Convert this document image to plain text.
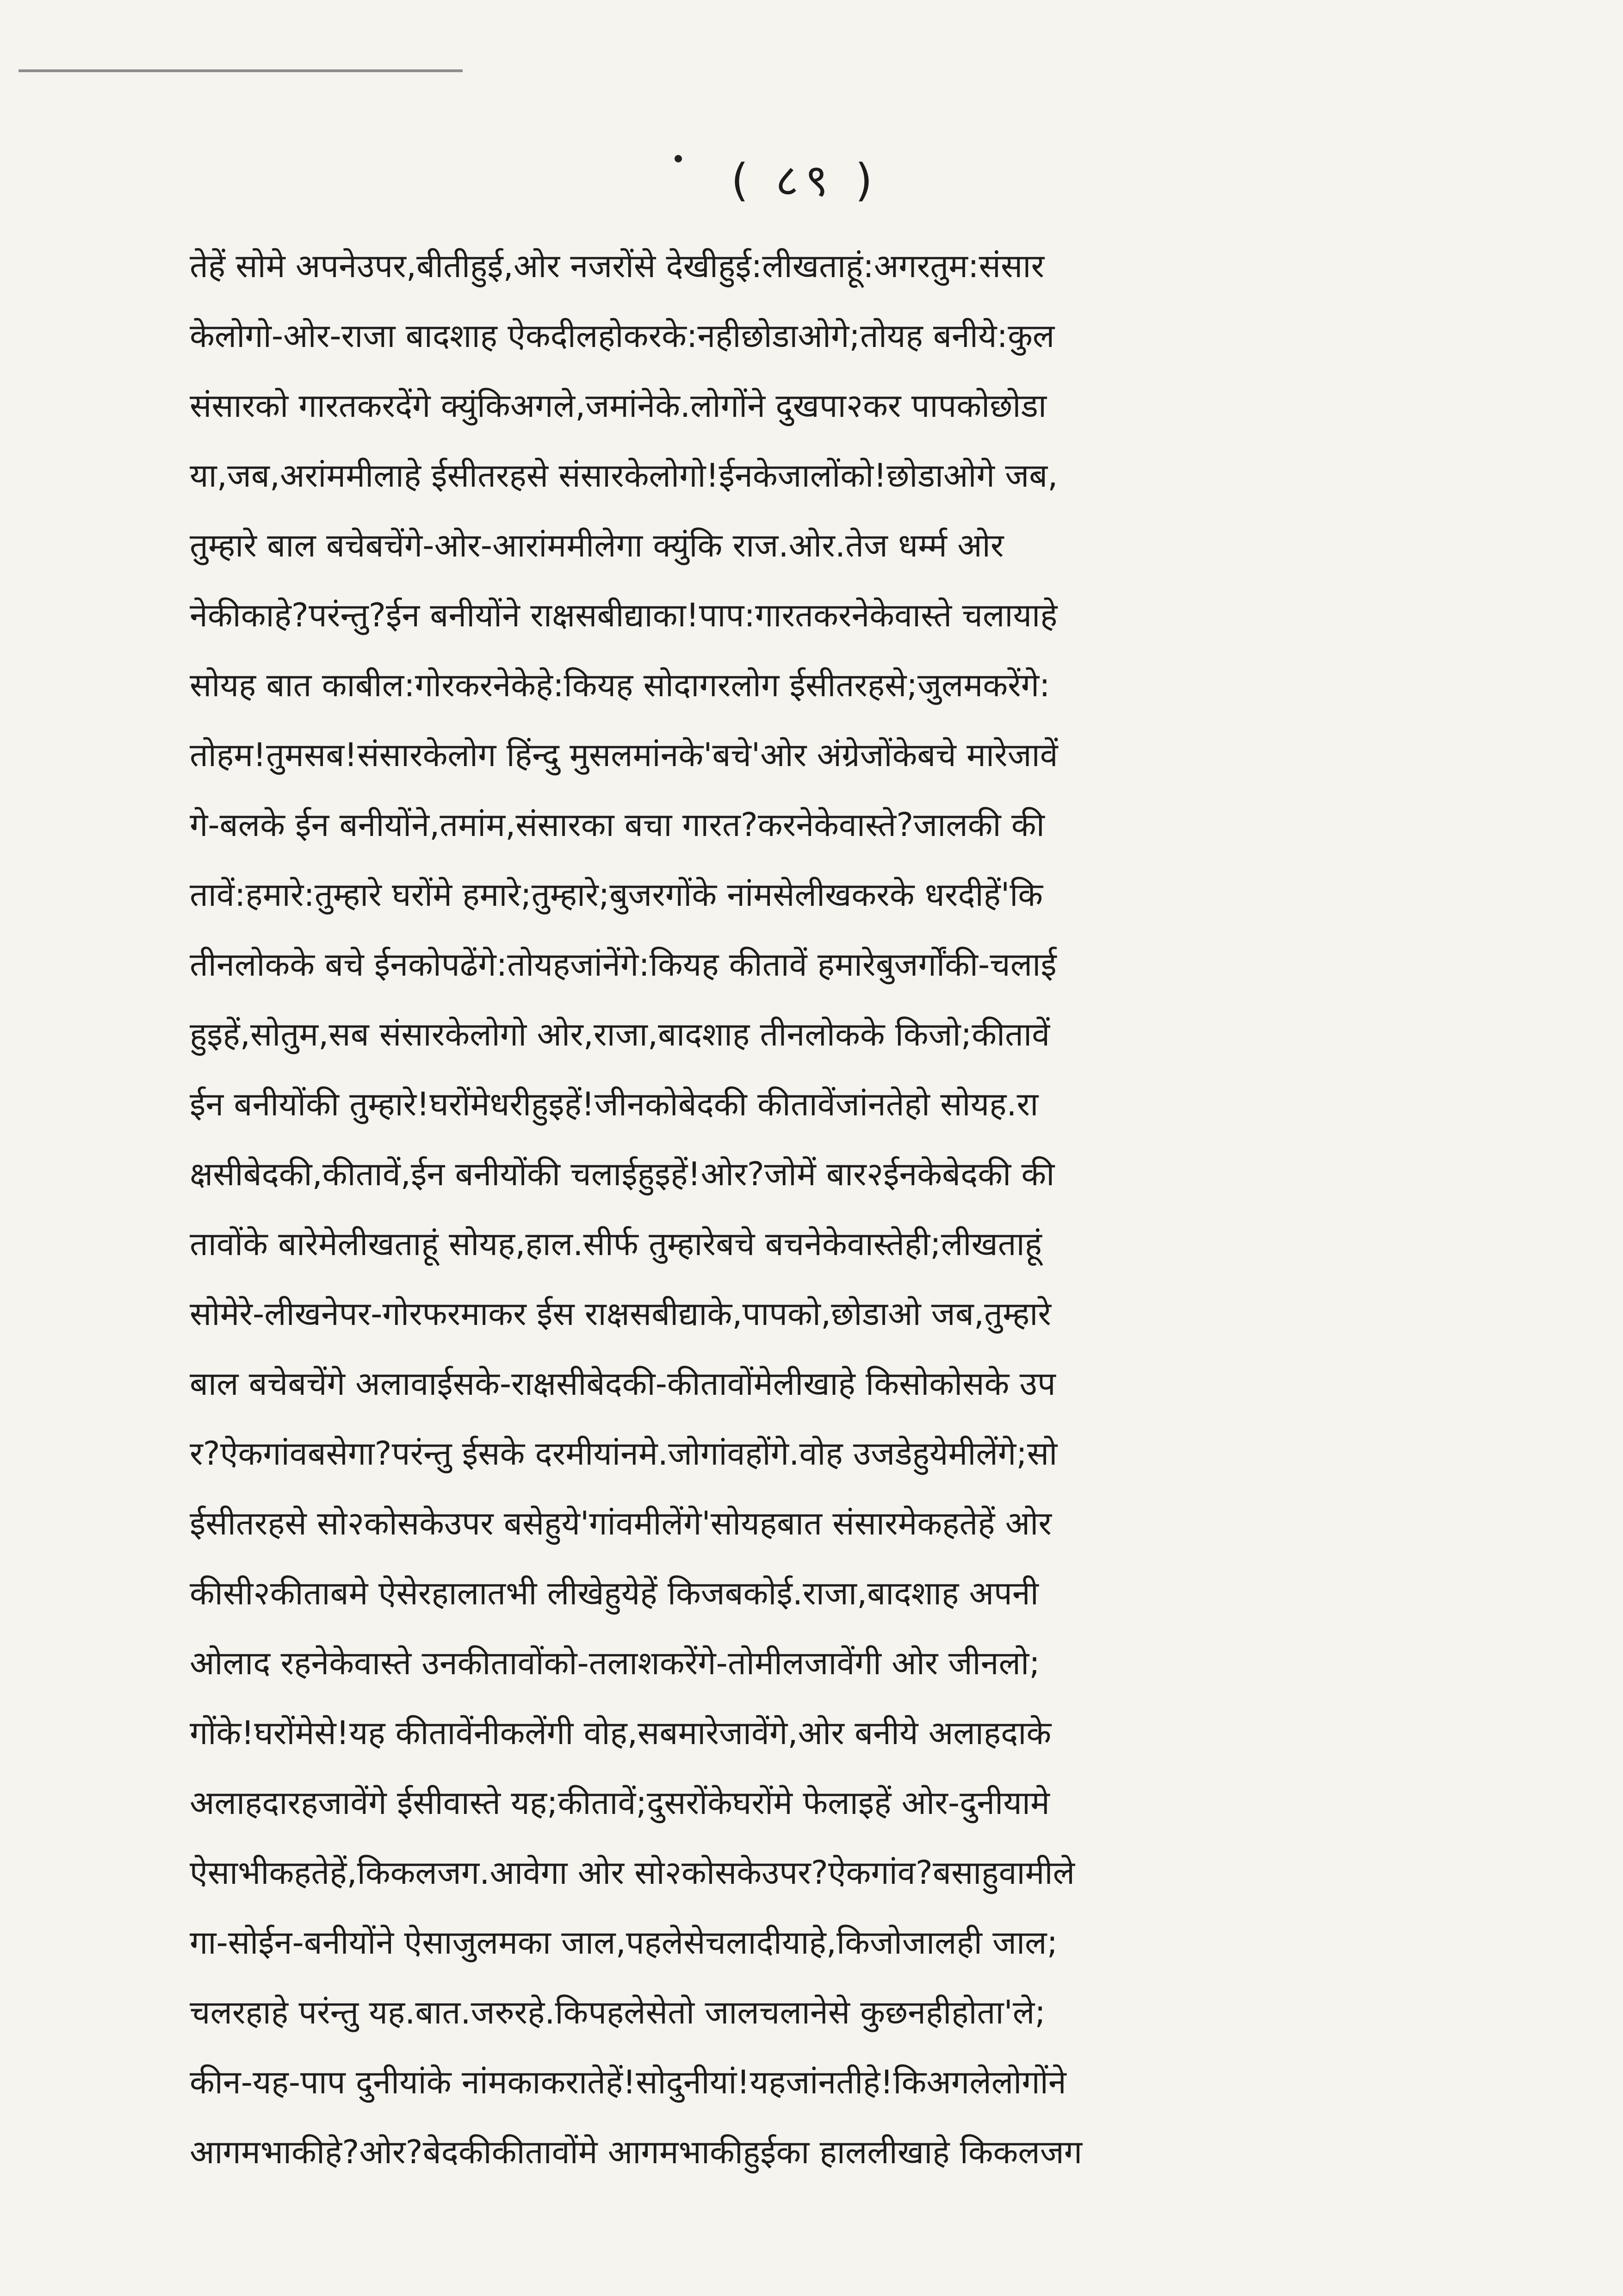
( ८९ )
तेहें सोमे अपनेउपर,बीतीहुई,ओर नजरोंसे देखीहुई:लीखताहूं:अगरतुम:संसार
केलोगो-ओर-राजा बादशाह ऐकदीलहोकरके:नहीछोडाओगे;तोयह बनीये:कुल
संसारको गारतकरदेंगे क्युंकिअगले,जमांनेके.लोगोंने दुखपा२कर पापकोछोडा
या,जब,अरांममीलाहे ईसीतरहसे संसारकेलोगो!ईनकेजालोंको!छोडाओगे जब,
तुम्हारे बाल बचेबचेंगे-ओर-आरांममीलेगा क्युंकि राज.ओर.तेज धर्म्म ओर
नेकीकाहे?परंन्तु?ईन बनीयोंने राक्षसबीद्याका!पाप:गारतकरनेकेवास्ते चलायाहे
सोयह बात काबील:गोरकरनेकेहे:कियह सोदागरलोग ईसीतरहसे;जुलमकरेंगे:
तोहम!तुमसब!संसारकेलोग हिंन्दु मुसलमांनके'बचे'ओर अंग्रेजोंकेबचे मारेजावें
गे-बलके ईन बनीयोंने,तमांम,संसारका बचा गारत?करनेकेवास्ते?जालकी की
तावें:हमारे:तुम्हारे घरोंमे हमारे;तुम्हारे;बुजरगोंके नांमसेलीखकरके धरदीहें'कि
तीनलोकके बचे ईनकोपढेंगे:तोयहजांनेंगे:कियह कीतावें हमारेबुजर्गोंकी-चलाई
हुइहें,सोतुम,सब संसारकेलोगो ओर,राजा,बादशाह तीनलोकके किजो;कीतावें
ईन बनीयोंकी तुम्हारे!घरोंमेधरीहुइहें!जीनकोबेदकी कीतावेंजांनतेहो सोयह.रा
क्षसीबेदकी,कीतावें,ईन बनीयोंकी चलाईहुइहें!ओर?जोमें बार२ईनकेबेदकी की
तावोंके बारेमेलीखताहूं सोयह,हाल.सीर्फ तुम्हारेबचे बचनेकेवास्तेही;लीखताहूं
सोमेरे-लीखनेपर-गोरफरमाकर ईस राक्षसबीद्याके,पापको,छोडाओ जब,तुम्हारे
बाल बचेबचेंगे अलावाईसके-राक्षसीबेदकी-कीतावोंमेलीखाहे किसोकोसके उप
र?ऐकगांवबसेगा?परंन्तु ईसके दरमीयांनमे.जोगांवहोंगे.वोह उजडेहुयेमीलेंगे;सो
ईसीतरहसे सो२कोसकेउपर बसेहुये'गांवमीलेंगे'सोयहबात संसारमेकहतेहें ओर
कीसी२कीताबमे ऐसेरहालातभी लीखेहुयेहें किजबकोई.राजा,बादशाह अपनी
ओलाद रहनेकेवास्ते उनकीतावोंको-तलाशकरेंगे-तोमीलजावेंगी ओर जीनलो;
गोंके!घरोंमेसे!यह कीतावेंनीकलेंगी वोह,सबमारेजावेंगे,ओर बनीये अलाहदाके
अलाहदारहजावेंगे ईसीवास्ते यह;कीतावें;दुसरोंकेघरोंमे फेलाइहें ओर-दुनीयामे
ऐसाभीकहतेहें,किकलजग.आवेगा ओर सो२कोसकेउपर?ऐकगांव?बसाहुवामीले
गा-सोईन-बनीयोंने ऐसाजुलमका जाल,पहलेसेचलादीयाहे,किजोजालही जाल;
चलरहाहे परंन्तु यह.बात.जरुरहे.किपहलेसेतो जालचलानेसे कुछनहीहोता'ले;
कीन-यह-पाप दुनीयांके नांमकाकरातेहें!सोदुनीयां!यहजांनतीहे!किअगलेलोगोंने
आगमभाकीहे?ओर?बेदकीकीतावोंमे आगमभाकीहुईका हाललीखाहे किकलजग
